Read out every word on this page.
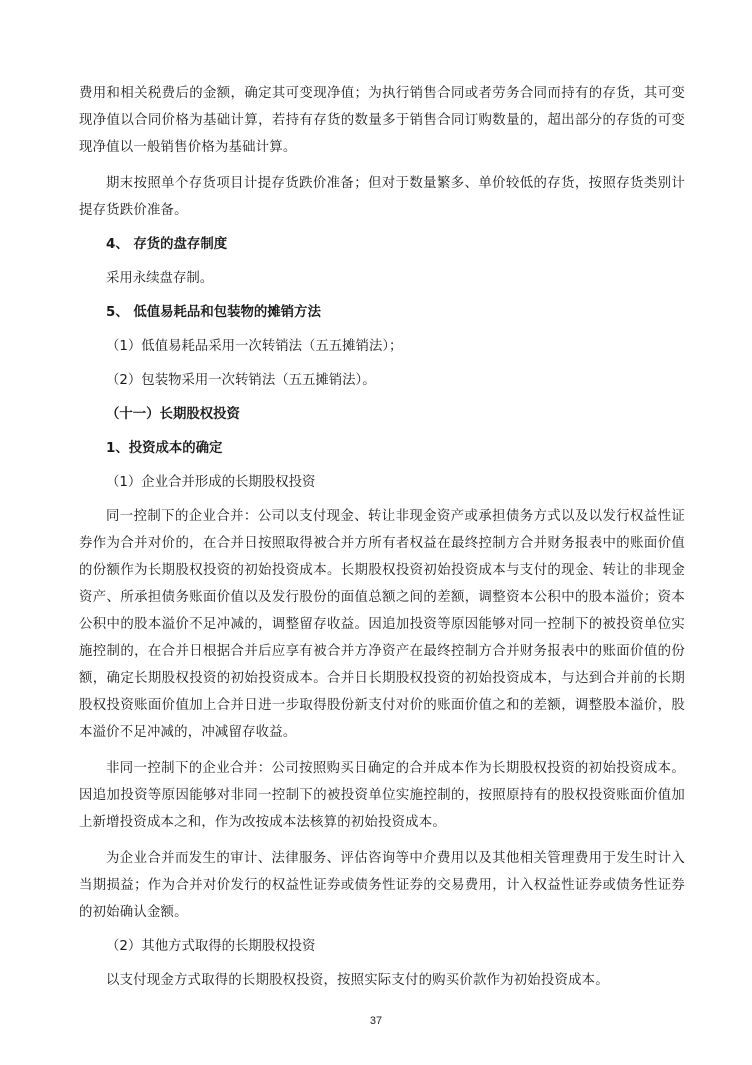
费用和相关税费后的金额，确定其可变现净值；为执行销售合同或者劳务合同而持有的存货，其可变现净值以合同价格为基础计算，若持有存货的数量多于销售合同订购数量的，超出部分的存货的可变现净值以一般销售价格为基础计算。

期末按照单个存货项目计提存货跌价准备；但对于数量繁多、单价较低的存货，按照存货类别计提存货跌价准备。

4、 存货的盘存制度

采用永续盘存制。

5、 低值易耗品和包装物的摊销方法

（1）低值易耗品采用一次转销法（五五摊销法）；

（2）包装物采用一次转销法（五五摊销法）。

（十一）长期股权投资

1、投资成本的确定

（1）企业合并形成的长期股权投资

同一控制下的企业合并：公司以支付现金、转让非现金资产或承担债务方式以及以发行权益性证券作为合并对价的，在合并日按照取得被合并方所有者权益在最终控制方合并财务报表中的账面价值的份额作为长期股权投资的初始投资成本。长期股权投资初始投资成本与支付的现金、转让的非现金资产、所承担债务账面价值以及发行股份的面值总额之间的差额，调整资本公积中的股本溢价；资本公积中的股本溢价不足冲减的，调整留存收益。因追加投资等原因能够对同一控制下的被投资单位实施控制的，在合并日根据合并后应享有被合并方净资产在最终控制方合并财务报表中的账面价值的份额，确定长期股权投资的初始投资成本。合并日长期股权投资的初始投资成本，与达到合并前的长期股权投资账面价值加上合并日进一步取得股份新支付对价的账面价值之和的差额，调整股本溢价，股本溢价不足冲减的，冲减留存收益。

非同一控制下的企业合并：公司按照购买日确定的合并成本作为长期股权投资的初始投资成本。因追加投资等原因能够对非同一控制下的被投资单位实施控制的，按照原持有的股权投资账面价值加上新增投资成本之和，作为改按成本法核算的初始投资成本。

为企业合并而发生的审计、法律服务、评估咨询等中介费用以及其他相关管理费用于发生时计入当期损益；作为合并对价发行的权益性证券或债务性证券的交易费用，计入权益性证券或债务性证券的初始确认金额。

（2）其他方式取得的长期股权投资

以支付现金方式取得的长期股权投资，按照实际支付的购买价款作为初始投资成本。

37
